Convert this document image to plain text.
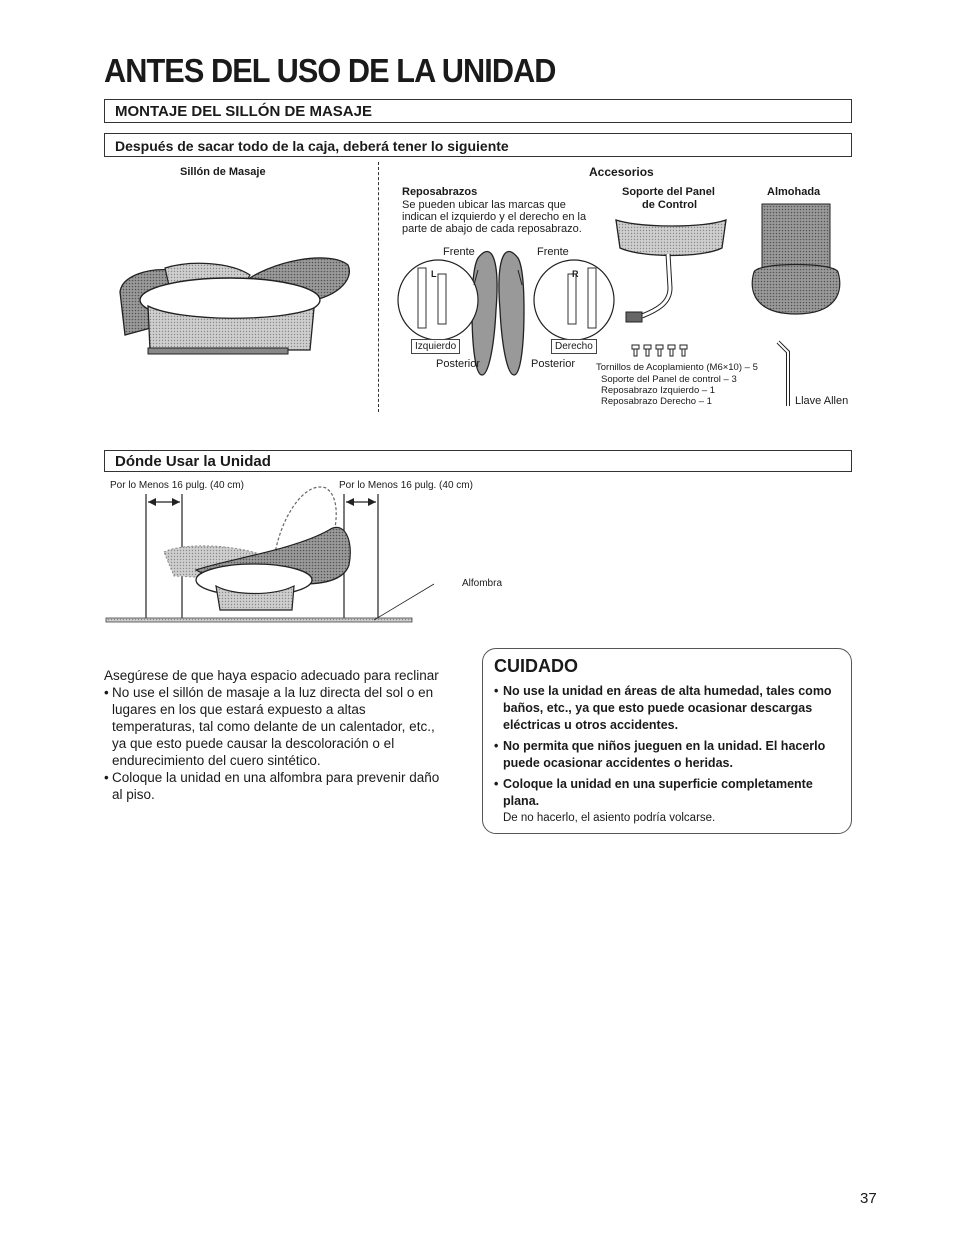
ANTES DEL USO DE LA UNIDAD
MONTAJE DEL SILLÓN DE MASAJE
Después de sacar todo de la caja, deberá tener lo siguiente
Sillón de Masaje	Accesorios
Reposabrazos
Se pueden ubicar las marcas que
indican el izquierdo y el derecho en la
parte de abajo de cada reposabrazo.
Frente	Frente
L	R
Izquierdo	Derecho
Posterior	Posterior
Soporte del Panel
de Control
Tornillos de Acoplamiento (M6×10) – 5
Soporte del Panel de control – 3
Reposabrazo Izquierdo – 1
Reposabrazo Derecho – 1
Almohada
Llave Allen
Dónde Usar la Unidad
Por lo Menos 16 pulg. (40 cm)	Por lo Menos 16 pulg. (40 cm)
Alfombra
Asegúrese de que haya espacio adecuado para reclinar
• No use el sillón de masaje a la luz directa del sol o en
lugares en los que estará expuesto a altas
temperaturas, tal como delante de un calentador, etc.,
ya que esto puede causar la descoloración o el
endurecimiento del cuero sintético.
• Coloque la unidad en una alfombra para prevenir daño
al piso.
CUIDADO
• No use la unidad en áreas de alta humedad, tales como
baños, etc., ya que esto puede ocasionar descargas
eléctricas u otros accidentes.
• No permita que niños jueguen en la unidad. El hacerlo
puede ocasionar accidentes o heridas.
• Coloque la unidad en una superficie completamente
plana.
De no hacerlo, el asiento podría volcarse.
37
